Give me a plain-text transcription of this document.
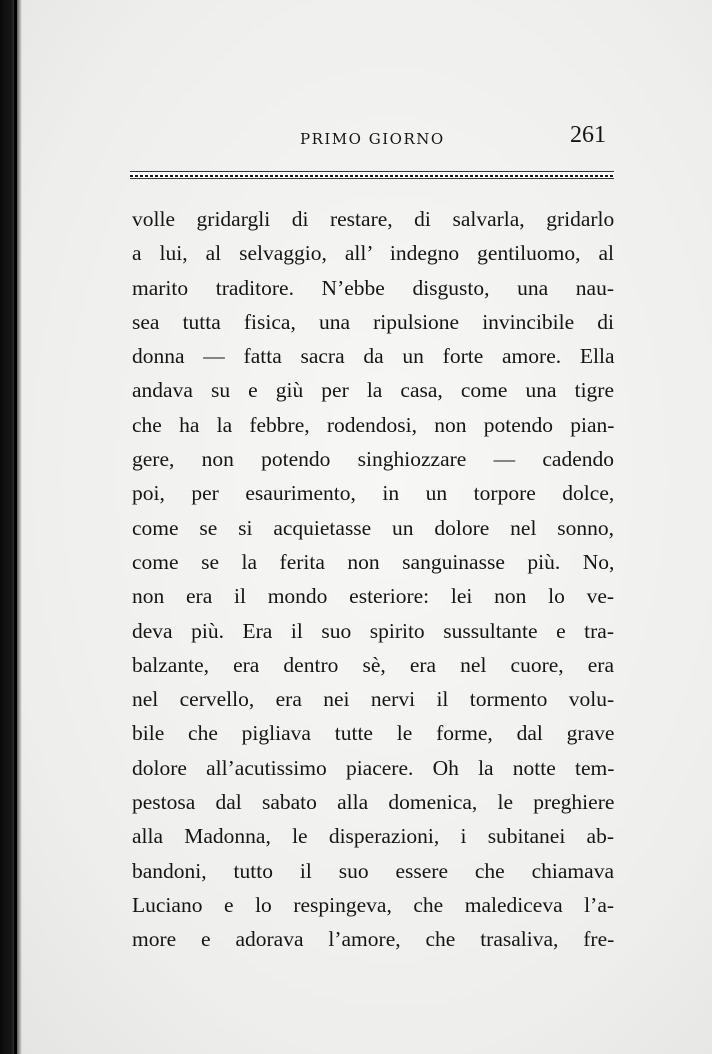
PRIMO GIORNO	261
volle gridargli di restare, di salvarla, gridarlo
a lui, al selvaggio, all’ indegno gentiluomo, al
marito traditore. N’ebbe disgusto, una nau-
sea tutta fisica, una ripulsione invincibile di
donna — fatta sacra da un forte amore. Ella
andava su e giù per la casa, come una tigre
che ha la febbre, rodendosi, non potendo pian-
gere, non potendo singhiozzare — cadendo
poi, per esaurimento, in un torpore dolce,
come se si acquietasse un dolore nel sonno,
come se la ferita non sanguinasse più. No,
non era il mondo esteriore: lei non lo ve-
deva più. Era il suo spirito sussultante e tra-
balzante, era dentro sè, era nel cuore, era
nel cervello, era nei nervi il tormento volu-
bile che pigliava tutte le forme, dal grave
dolore all’acutissimo piacere. Oh la notte tem-
pestosa dal sabato alla domenica, le preghiere
alla Madonna, le disperazioni, i subitanei ab-
bandoni, tutto il suo essere che chiamava
Luciano e lo respingeva, che malediceva l’a-
more e adorava l’amore, che trasaliva, fre-
